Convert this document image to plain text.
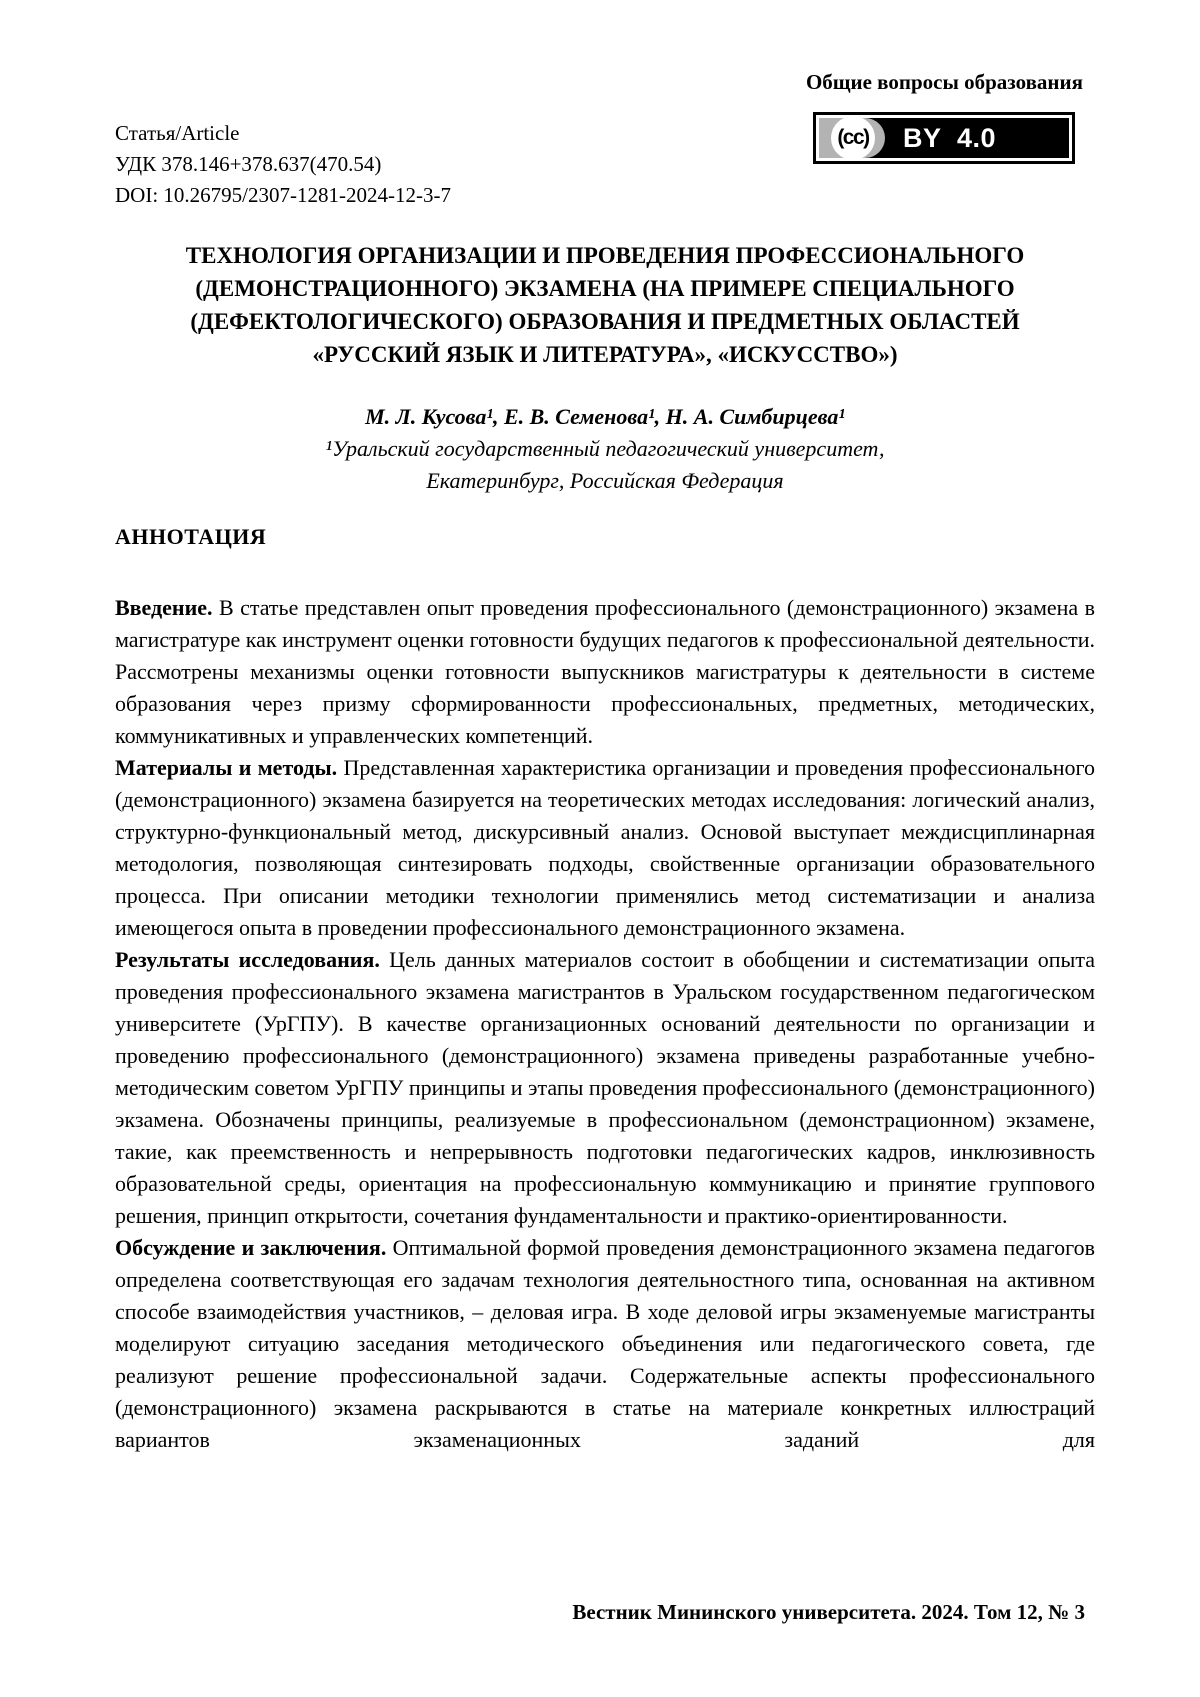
Общие вопросы образования
Статья/Article
УДК 378.146+378.637(470.54)
DOI: 10.26795/2307-1281-2024-12-3-7
(cc) BY 4.0
ТЕХНОЛОГИЯ ОРГАНИЗАЦИИ И ПРОВЕДЕНИЯ ПРОФЕССИОНАЛЬНОГО
(ДЕМОНСТРАЦИОННОГО) ЭКЗАМЕНА (НА ПРИМЕРЕ СПЕЦИАЛЬНОГО
(ДЕФЕКТОЛОГИЧЕСКОГО) ОБРАЗОВАНИЯ И ПРЕДМЕТНЫХ ОБЛАСТЕЙ
«РУССКИЙ ЯЗЫК И ЛИТЕРАТУРА», «ИСКУССТВО»)
М. Л. Кусова¹, Е. В. Семенова¹, Н. А. Симбирцева¹
¹Уральский государственный педагогический университет,
Екатеринбург, Российская Федерация
АННОТАЦИЯ

Введение. В статье представлен опыт проведения профессионального (демонстрационного) экзамена в магистратуре как инструмент оценки готовности будущих педагогов к профессиональной деятельности. Рассмотрены механизмы оценки готовности выпускников магистратуры к деятельности в системе образования через призму сформированности профессиональных, предметных, методических, коммуникативных и управленческих компетенций.

Материалы и методы. Представленная характеристика организации и проведения профессионального (демонстрационного) экзамена базируется на теоретических методах исследования: логический анализ, структурно-функциональный метод, дискурсивный анализ. Основой выступает междисциплинарная методология, позволяющая синтезировать подходы, свойственные организации образовательного процесса. При описании методики технологии применялись метод систематизации и анализа имеющегося опыта в проведении профессионального демонстрационного экзамена.

Результаты исследования. Цель данных материалов состоит в обобщении и систематизации опыта проведения профессионального экзамена магистрантов в Уральском государственном педагогическом университете (УрГПУ). В качестве организационных оснований деятельности по организации и проведению профессионального (демонстрационного) экзамена приведены разработанные учебно-методическим советом УрГПУ принципы и этапы проведения профессионального (демонстрационного) экзамена. Обозначены принципы, реализуемые в профессиональном (демонстрационном) экзамене, такие, как преемственность и непрерывность подготовки педагогических кадров, инклюзивность образовательной среды, ориентация на профессиональную коммуникацию и принятие группового решения, принцип открытости, сочетания фундаментальности и практико-ориентированности.

Обсуждение и заключения. Оптимальной формой проведения демонстрационного экзамена педагогов определена соответствующая его задачам технология деятельностного типа, основанная на активном способе взаимодействия участников, – деловая игра. В ходе деловой игры экзаменуемые магистранты моделируют ситуацию заседания методического объединения или педагогического совета, где реализуют решение профессиональной задачи. Содержательные аспекты профессионального (демонстрационного) экзамена раскрываются в статье на материале конкретных иллюстраций вариантов экзаменационных заданий для

Вестник Мининского университета. 2024. Том 12, № 3
